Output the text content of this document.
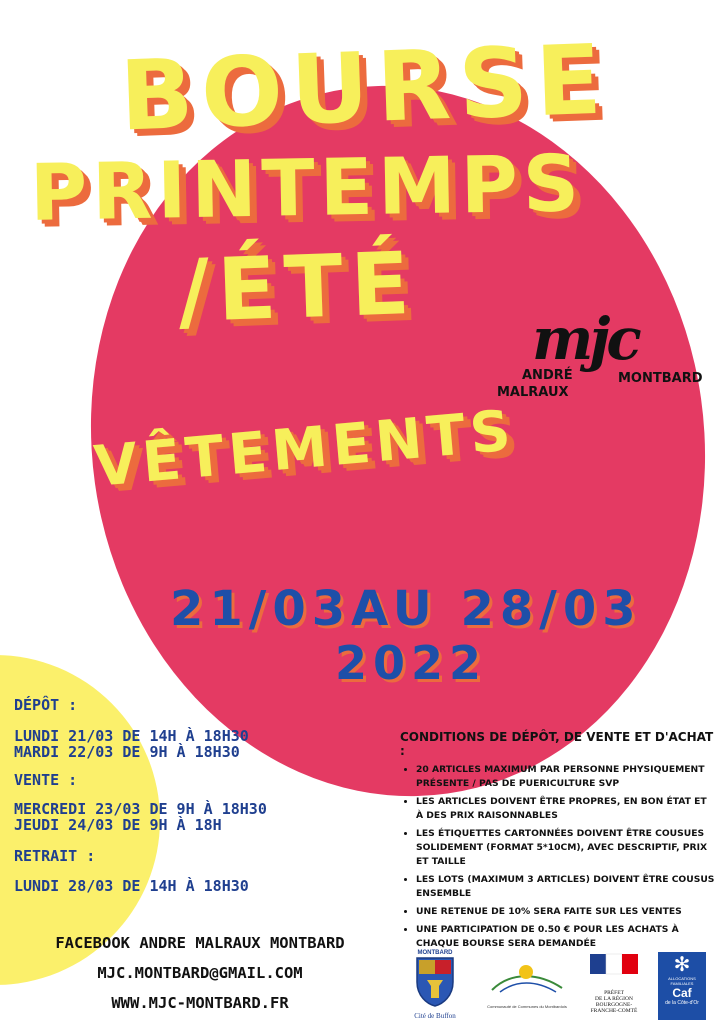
BOURSE
PRINTEMPS
/ÉTÉ mjc
ANDRÉ
MALRAUX
MONTBARD
VÊTEMENTS
21/03AU 28/03
2022
DÉPÔT :
LUNDI 21/03 DE 14H À 18H30
MARDI 22/03 DE 9H À 18H30
VENTE :
MERCREDI 23/03 DE 9H À 18H30
JEUDI 24/03 DE 9H À 18H
RETRAIT :
LUNDI 28/03 DE 14H À 18H30
CONDITIONS DE DÉPÔT, DE VENTE ET D'ACHAT :
• 20 ARTICLES MAXIMUM PAR PERSONNE PHYSIQUEMENT PRÉSENTE / PAS DE PUERICULTURE SVP
• LES ARTICLES DOIVENT ÊTRE PROPRES, EN BON ÉTAT ET À DES PRIX RAISONNABLES
• LES ÉTIQUETTES CARTONNÉES DOIVENT ÊTRE COUSUES SOLIDEMENT (FORMAT 5*10CM), AVEC DESCRIPTIF, PRIX ET TAILLE
• LES LOTS (MAXIMUM 3 ARTICLES) DOIVENT ÊTRE COUSUS ENSEMBLE
• UNE RETENUE DE 10% SERA FAITE SUR LES VENTES
• UNE PARTICIPATION DE 0.50 € POUR LES ACHATS À CHAQUE BOURSE SERA DEMANDÉE
FACEBOOK ANDRE MALRAUX MONTBARD
MJC.MONTBARD@GMAIL.COM
WWW.MJC-MONTBARD.FR
MONTBARD
Cité de Buffon
Communauté de Communes du Montbardois
PRÉFET
DE LA RÉGION
BOURGOGNE-
FRANCHE-COMTÉ
✻
ALLOCATIONS FAMILIALES
Caf
de la Côte-d'Or
